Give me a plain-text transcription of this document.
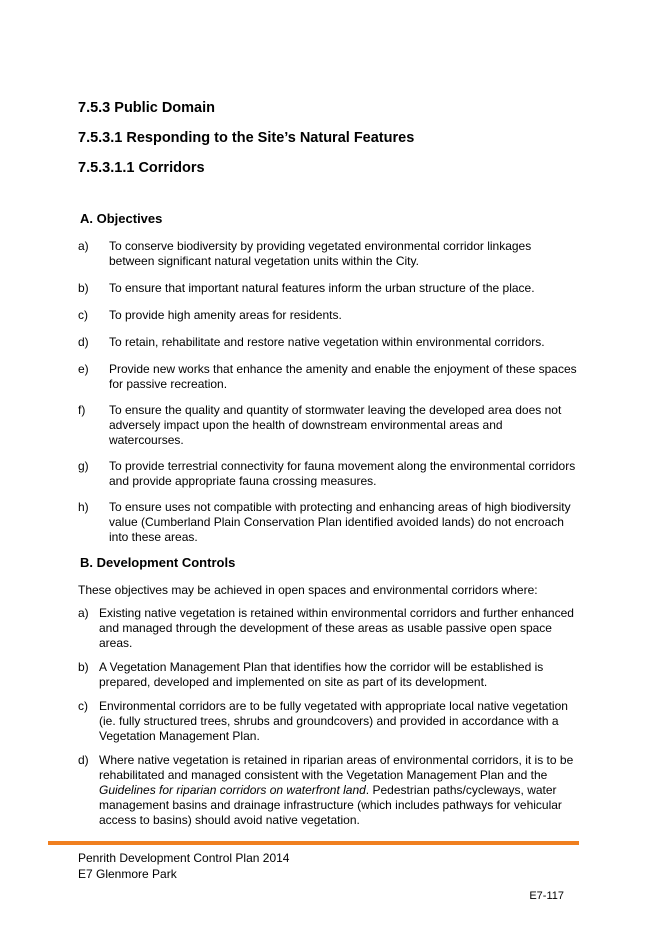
7.5.3 Public Domain
7.5.3.1 Responding to the Site’s Natural Features
7.5.3.1.1 Corridors
A. Objectives
a) To conserve biodiversity by providing vegetated environmental corridor linkages between significant natural vegetation units within the City.
b) To ensure that important natural features inform the urban structure of the place.
c) To provide high amenity areas for residents.
d) To retain, rehabilitate and restore native vegetation within environmental corridors.
e) Provide new works that enhance the amenity and enable the enjoyment of these spaces for passive recreation.
f) To ensure the quality and quantity of stormwater leaving the developed area does not adversely impact upon the health of downstream environmental areas and watercourses.
g) To provide terrestrial connectivity for fauna movement along the environmental corridors and provide appropriate fauna crossing measures.
h) To ensure uses not compatible with protecting and enhancing areas of high biodiversity value (Cumberland Plain Conservation Plan identified avoided lands) do not encroach into these areas.
B. Development Controls
These objectives may be achieved in open spaces and environmental corridors where:
a) Existing native vegetation is retained within environmental corridors and further enhanced and managed through the development of these areas as usable passive open space areas.
b) A Vegetation Management Plan that identifies how the corridor will be established is prepared, developed and implemented on site as part of its development.
c) Environmental corridors are to be fully vegetated with appropriate local native vegetation (ie. fully structured trees, shrubs and groundcovers) and provided in accordance with a Vegetation Management Plan.
d) Where native vegetation is retained in riparian areas of environmental corridors, it is to be rehabilitated and managed consistent with the Vegetation Management Plan and the Guidelines for riparian corridors on waterfront land. Pedestrian paths/cycleways, water management basins and drainage infrastructure (which includes pathways for vehicular access to basins) should avoid native vegetation.
Penrith Development Control Plan 2014
E7 Glenmore Park
E7-117
